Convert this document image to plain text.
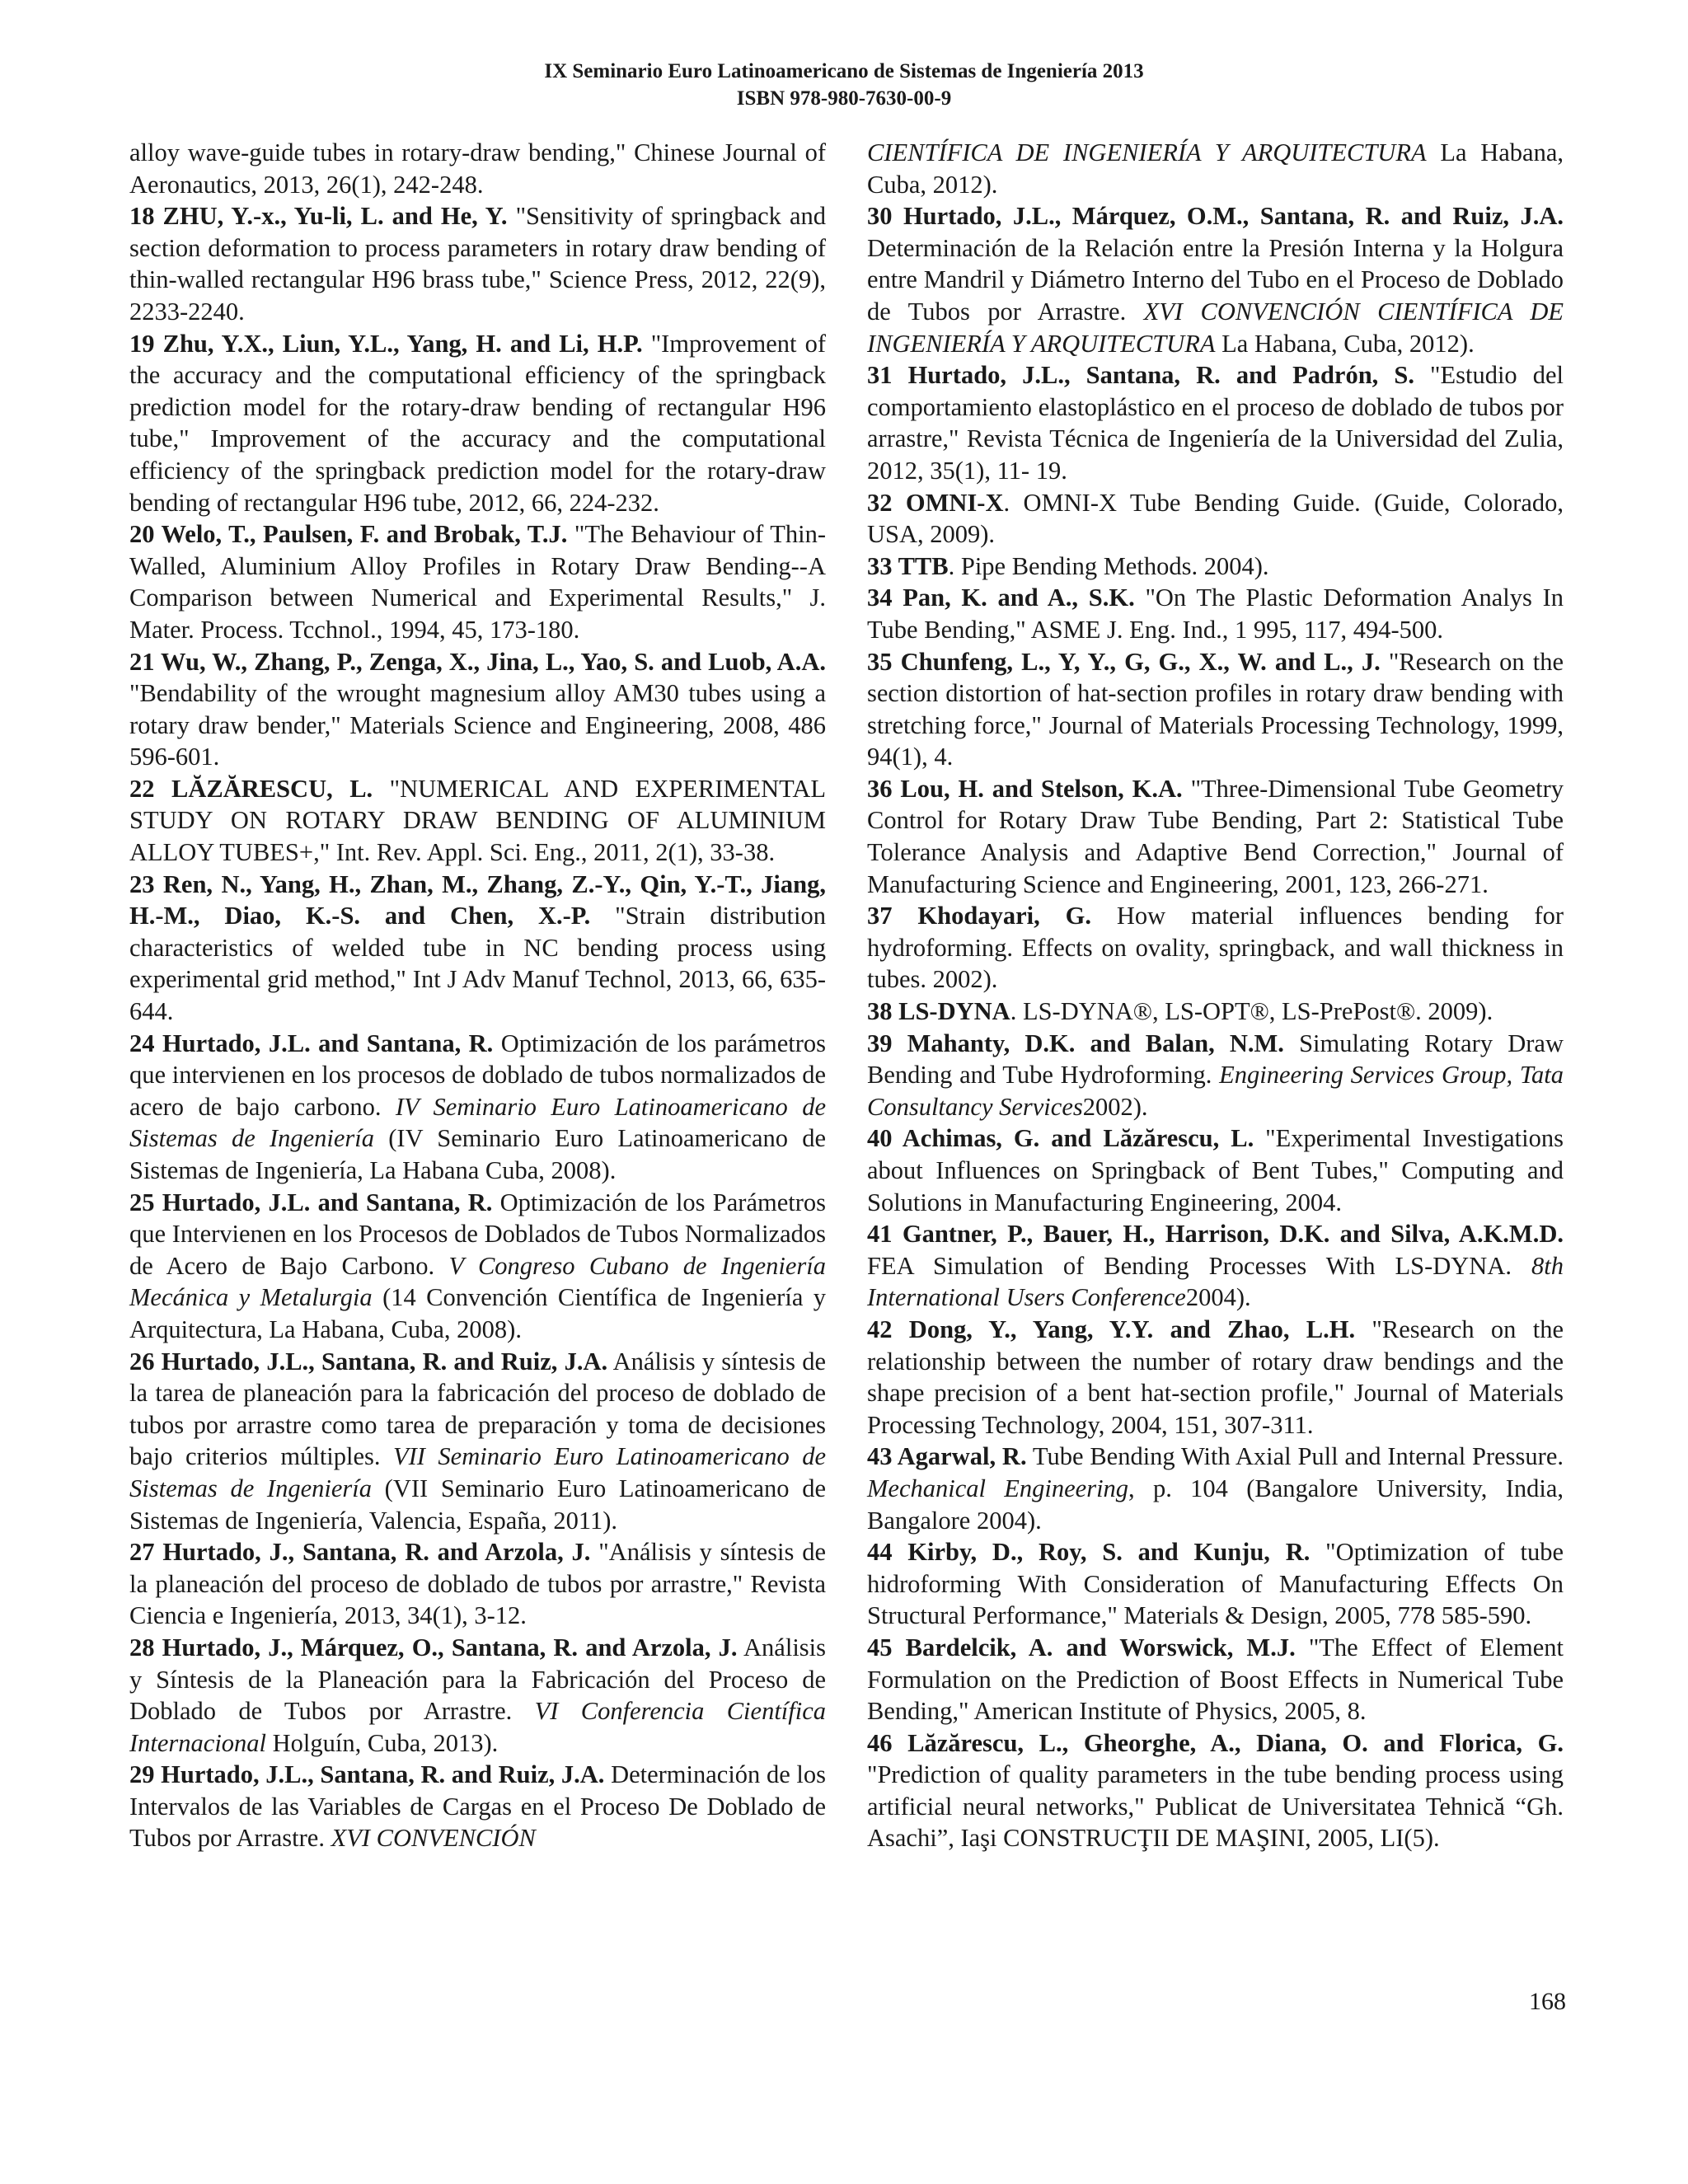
IX Seminario Euro Latinoamericano de Sistemas de Ingeniería 2013
ISBN 978-980-7630-00-9

alloy wave-guide tubes in rotary-draw bending," Chinese Journal of Aeronautics, 2013, 26(1), 242-248.

18 ZHU, Y.-x., Yu-li, L. and He, Y. "Sensitivity of springback and section deformation to process parameters in rotary draw bending of thin-walled rectangular H96 brass tube," Science Press, 2012, 22(9), 2233-2240.

19 Zhu, Y.X., Liun, Y.L., Yang, H. and Li, H.P. "Improvement of the accuracy and the computational efficiency of the springback prediction model for the rotary-draw bending of rectangular H96 tube," Improvement of the accuracy and the computational efficiency of the springback prediction model for the rotary-draw bending of rectangular H96 tube, 2012, 66, 224-232.

20 Welo, T., Paulsen, F. and Brobak, T.J. "The Behaviour of Thin-Walled, Aluminium Alloy Profiles in Rotary Draw Bending--A Comparison between Numerical and Experimental Results," J. Mater. Process. Tcchnol., 1994, 45, 173-180.

21 Wu, W., Zhang, P., Zenga, X., Jina, L., Yao, S. and Luob, A.A. "Bendability of the wrought magnesium alloy AM30 tubes using a rotary draw bender," Materials Science and Engineering, 2008, 486 596-601.

22 LĂZĂRESCU, L. "NUMERICAL AND EXPERIMENTAL STUDY ON ROTARY DRAW BENDING OF ALUMINIUM ALLOY TUBES+," Int. Rev. Appl. Sci. Eng., 2011, 2(1), 33-38.

23 Ren, N., Yang, H., Zhan, M., Zhang, Z.-Y., Qin, Y.-T., Jiang, H.-M., Diao, K.-S. and Chen, X.-P. "Strain distribution characteristics of welded tube in NC bending process using experimental grid method," Int J Adv Manuf Technol, 2013, 66, 635-644.

24 Hurtado, J.L. and Santana, R. Optimización de los parámetros que intervienen en los procesos de doblado de tubos normalizados de acero de bajo carbono. IV Seminario Euro Latinoamericano de Sistemas de Ingeniería (IV Seminario Euro Latinoamericano de Sistemas de Ingeniería, La Habana Cuba, 2008).

25 Hurtado, J.L. and Santana, R. Optimización de los Parámetros que Intervienen en los Procesos de Doblados de Tubos Normalizados de Acero de Bajo Carbono. V Congreso Cubano de Ingeniería Mecánica y Metalurgia (14 Convención Científica de Ingeniería y Arquitectura, La Habana, Cuba, 2008).

26 Hurtado, J.L., Santana, R. and Ruiz, J.A. Análisis y síntesis de la tarea de planeación para la fabricación del proceso de doblado de tubos por arrastre como tarea de preparación y toma de decisiones bajo criterios múltiples. VII Seminario Euro Latinoamericano de Sistemas de Ingeniería (VII Seminario Euro Latinoamericano de Sistemas de Ingeniería, Valencia, España, 2011).

27 Hurtado, J., Santana, R. and Arzola, J. "Análisis y síntesis de la planeación del proceso de doblado de tubos por arrastre," Revista Ciencia e Ingeniería, 2013, 34(1), 3-12.

28 Hurtado, J., Márquez, O., Santana, R. and Arzola, J. Análisis y Síntesis de la Planeación para la Fabricación del Proceso de Doblado de Tubos por Arrastre. VI Conferencia Científica Internacional Holguín, Cuba, 2013).

29 Hurtado, J.L., Santana, R. and Ruiz, J.A. Determinación de los Intervalos de las Variables de Cargas en el Proceso De Doblado de Tubos por Arrastre. XVI CONVENCIÓN

CIENTÍFICA DE INGENIERÍA Y ARQUITECTURA La Habana, Cuba, 2012).

30 Hurtado, J.L., Márquez, O.M., Santana, R. and Ruiz, J.A. Determinación de la Relación entre la Presión Interna y la Holgura entre Mandril y Diámetro Interno del Tubo en el Proceso de Doblado de Tubos por Arrastre. XVI CONVENCIÓN CIENTÍFICA DE INGENIERÍA Y ARQUITECTURA La Habana, Cuba, 2012).

31 Hurtado, J.L., Santana, R. and Padrón, S. "Estudio del comportamiento elastoplástico en el proceso de doblado de tubos por arrastre," Revista Técnica de Ingeniería de la Universidad del Zulia, 2012, 35(1), 11- 19.

32 OMNI-X. OMNI-X Tube Bending Guide. (Guide, Colorado, USA, 2009).

33 TTB. Pipe Bending Methods. 2004).

34 Pan, K. and A., S.K. "On The Plastic Deformation Analys In Tube Bending," ASME J. Eng. Ind., 1 995, 117, 494-500.

35 Chunfeng, L., Y, Y., G, G., X., W. and L., J. "Research on the section distortion of hat-section profiles in rotary draw bending with stretching force," Journal of Materials Processing Technology, 1999, 94(1), 4.

36 Lou, H. and Stelson, K.A. "Three-Dimensional Tube Geometry Control for Rotary Draw Tube Bending, Part 2: Statistical Tube Tolerance Analysis and Adaptive Bend Correction," Journal of Manufacturing Science and Engineering, 2001, 123, 266-271.

37 Khodayari, G. How material influences bending for hydroforming. Effects on ovality, springback, and wall thickness in tubes. 2002).

38 LS-DYNA. LS-DYNA®, LS-OPT®, LS-PrePost®. 2009).

39 Mahanty, D.K. and Balan, N.M. Simulating Rotary Draw Bending and Tube Hydroforming. Engineering Services Group, Tata Consultancy Services2002).

40 Achimas, G. and Lăzărescu, L. "Experimental Investigations about Influences on Springback of Bent Tubes," Computing and Solutions in Manufacturing Engineering, 2004.

41 Gantner, P., Bauer, H., Harrison, D.K. and Silva, A.K.M.D. FEA Simulation of Bending Processes With LS-DYNA. 8th International Users Conference2004).

42 Dong, Y., Yang, Y.Y. and Zhao, L.H. "Research on the relationship between the number of rotary draw bendings and the shape precision of a bent hat-section profile," Journal of Materials Processing Technology, 2004, 151, 307-311.

43 Agarwal, R. Tube Bending With Axial Pull and Internal Pressure. Mechanical Engineering, p. 104 (Bangalore University, India, Bangalore 2004).

44 Kirby, D., Roy, S. and Kunju, R. "Optimization of tube hidroforming With Consideration of Manufacturing Effects On Structural Performance," Materials & Design, 2005, 778 585-590.

45 Bardelcik, A. and Worswick, M.J. "The Effect of Element Formulation on the Prediction of Boost Effects in Numerical Tube Bending," American Institute of Physics, 2005, 8.

46 Lăzărescu, L., Gheorghe, A., Diana, O. and Florica, G. "Prediction of quality parameters in the tube bending process using artificial neural networks," Publicat de Universitatea Tehnică “Gh. Asachi”, Iaşi CONSTRUCŢII DE MAŞINI, 2005, LI(5).

168
